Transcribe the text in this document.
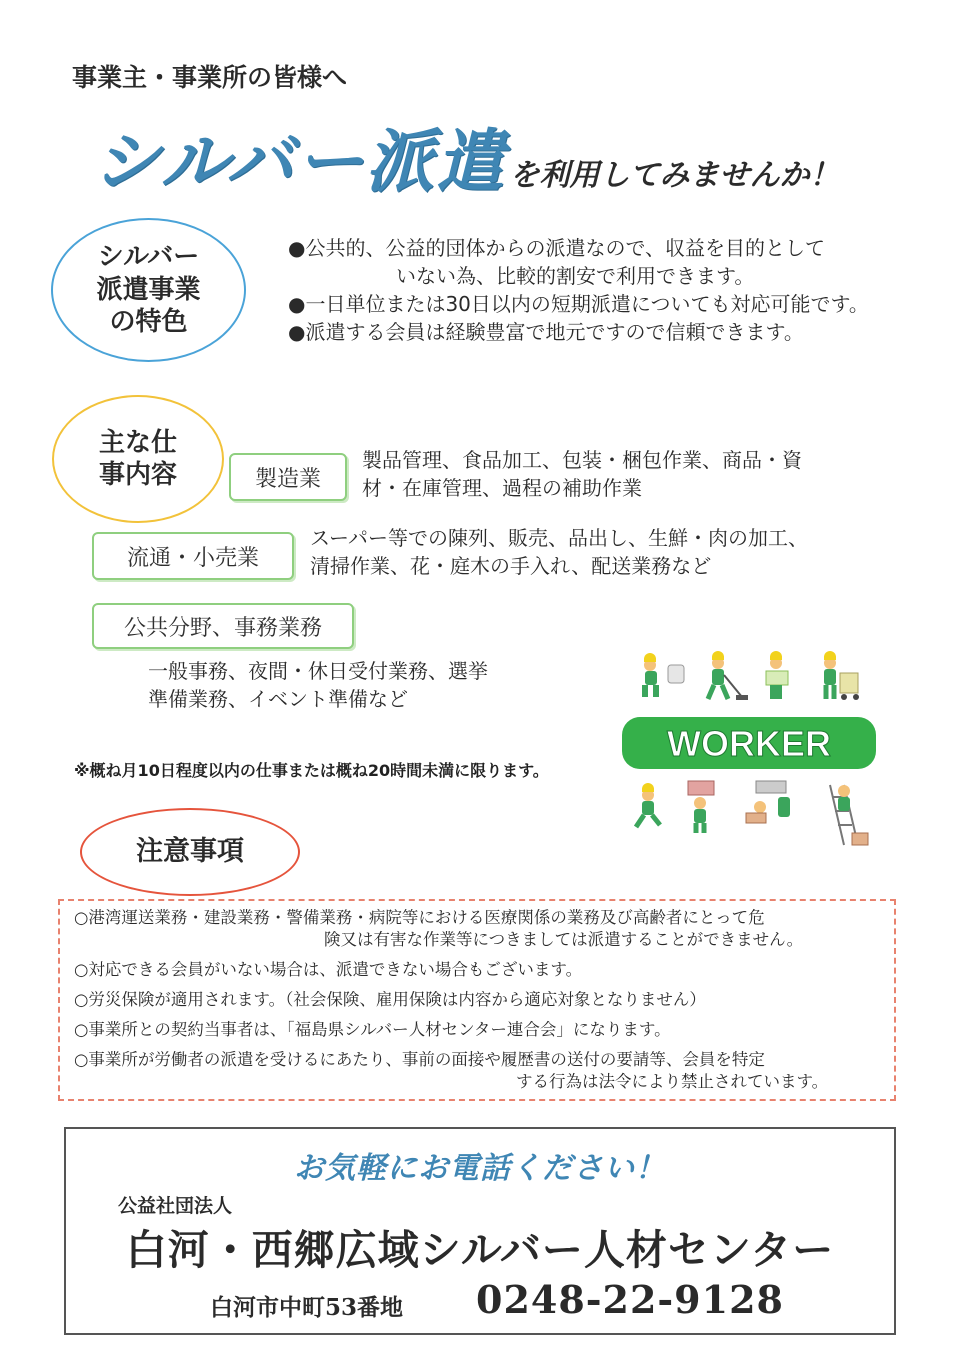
事業主・事業所の皆様へ
シルバー派遣 を利用してみませんか！
シルバー
派遣事業
の特色
●公共的、公益的団体からの派遣なので、収益を目的として
いない為、比較的割安で利用できます。
●一日単位または30日以内の短期派遣についても対応可能です。
●派遣する会員は経験豊富で地元ですので信頼できます。
主な仕
事内容	製造業
製品管理、食品加工、包装・梱包作業、商品・資
材・在庫管理、過程の補助作業
流通・小売業
スーパー等での陳列、販売、品出し、生鮮・肉の加工、
清掃作業、花・庭木の手入れ、配送業務など
公共分野、事務業務
一般事務、夜間・休日受付業務、選挙
準備業務、イベント準備など
※概ね月10日程度以内の仕事または概ね20時間未満に限ります。
WORKER
注意事項
○港湾運送業務・建設業務・警備業務・病院等における医療関係の業務及び高齢者にとって危
険又は有害な作業等につきましては派遣することができません。
○対応できる会員がいない場合は、派遣できない場合もございます。
○労災保険が適用されます。（社会保険、雇用保険は内容から適応対象となりません）
○事業所との契約当事者は、「福島県シルバー人材センター連合会」になります。
○事業所が労働者の派遣を受けるにあたり、事前の面接や履歴書の送付の要請等、会員を特定
する行為は法令により禁止されています。
お気軽にお電話ください！
公益社団法人
白河・西郷広域シルバー人材センター
白河市中町53番地 0248-22-9128
